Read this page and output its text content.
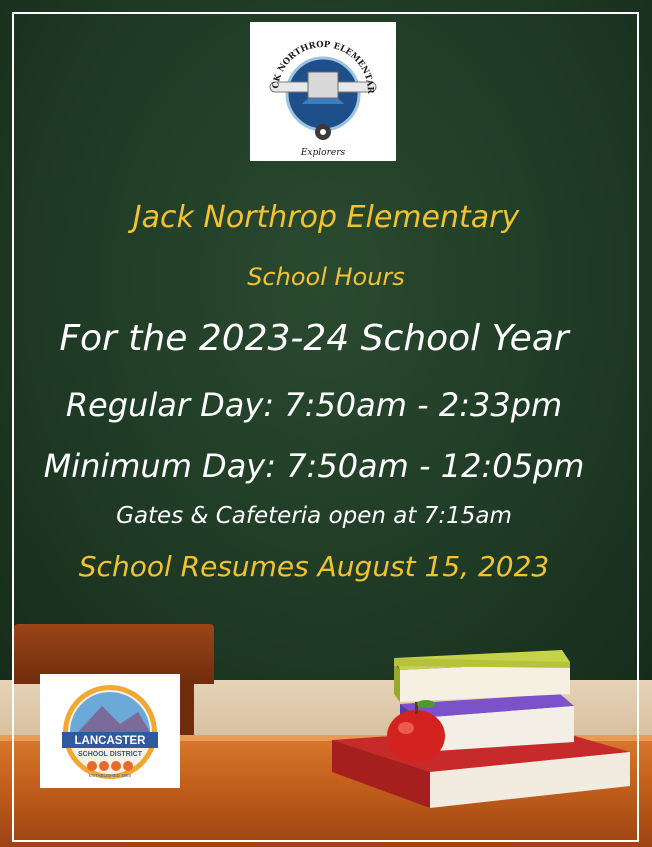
CK NORTHROP ELEMENTAR
Explorers
Jack Northrop Elementary
School Hours
For the 2023-24 School Year
Regular Day: 7:50am - 2:33pm
Minimum Day: 7:50am - 12:05pm
Gates & Cafeteria open at 7:15am
School Resumes August 15, 2023
LANCASTER
SCHOOL DISTRICT
ESTABLISHED 1884
